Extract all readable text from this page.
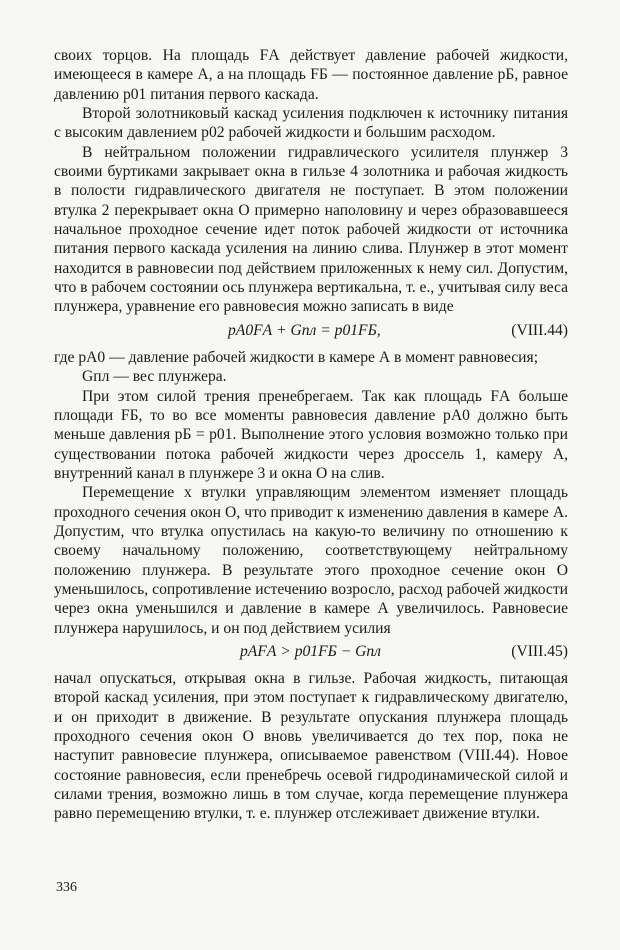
своих торцов. На площадь FА действует давление рабочей жидкости, имеющееся в камере А, а на площадь FБ — постоянное давление pБ, равное давлению p01 питания первого каскада.

Второй золотниковый каскад усиления подключен к источнику питания с высоким давлением p02 рабочей жидкости и большим расходом.

В нейтральном положении гидравлического усилителя плунжер 3 своими буртиками закрывает окна в гильзе 4 золотника и рабочая жидкость в полости гидравлического двигателя не поступает. В этом положении втулка 2 перекрывает окна О примерно наполовину и через образовавшееся начальное проходное сечение идет поток рабочей жидкости от источника питания первого каскада усиления на линию слива. Плунжер в этот момент находится в равновесии под действием приложенных к нему сил. Допустим, что в рабочем состоянии ось плунжера вертикальна, т. е., учитывая силу веса плунжера, уравнение его равновесия можно записать в виде

pА0FА + Gпл = p01FБ,	(VIII.44)

где pА0 — давление рабочей жидкости в камере А в момент равновесия;

Gпл — вес плунжера.

При этом силой трения пренебрегаем. Так как площадь FА больше площади FБ, то во все моменты равновесия давление pА0 должно быть меньше давления pБ = p01. Выполнение этого условия возможно только при существовании потока рабочей жидкости через дроссель 1, камеру А, внутренний канал в плунжере 3 и окна О на слив.

Перемещение x втулки управляющим элементом изменяет площадь проходного сечения окон О, что приводит к изменению давления в камере А. Допустим, что втулка опустилась на какую-то величину по отношению к своему начальному положению, соответствующему нейтральному положению плунжера. В результате этого проходное сечение окон О уменьшилось, сопротивление истечению возросло, расход рабочей жидкости через окна уменьшился и давление в камере А увеличилось. Равновесие плунжера нарушилось, и он под действием усилия

pАFА > p01FБ − Gпл	(VIII.45)

начал опускаться, открывая окна в гильзе. Рабочая жидкость, питающая второй каскад усиления, при этом поступает к гидравлическому двигателю, и он приходит в движение. В результате опускания плунжера площадь проходного сечения окон О вновь увеличивается до тех пор, пока не наступит равновесие плунжера, описываемое равенством (VIII.44). Новое состояние равновесия, если пренебречь осевой гидродинамической силой и силами трения, возможно лишь в том случае, когда перемещение плунжера равно перемещению втулки, т. е. плунжер отслеживает движение втулки.

336
